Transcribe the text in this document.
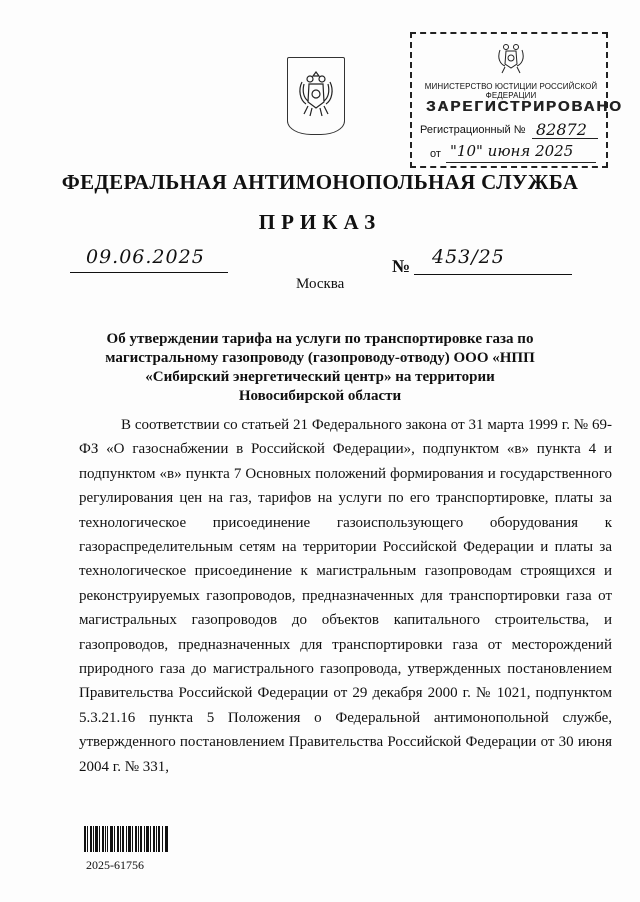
МИНИСТЕРСТВО ЮСТИЦИИ РОССИЙСКОЙ ФЕДЕРАЦИИ
ЗАРЕГИСТРИРОВАНО
Регистрационный № 82872
от "10" июня 2025
ФЕДЕРАЛЬНАЯ АНТИМОНОПОЛЬНАЯ СЛУЖБА
ПРИКАЗ
09.06.2025
Москва
№ 453/25
Об утверждении тарифа на услуги по транспортировке газа по магистральному газопроводу (газопроводу-отводу) ООО «НПП «Сибирский энергетический центр» на территории Новосибирской области
В соответствии со статьей 21 Федерального закона от 31 марта 1999 г. № 69-ФЗ «О газоснабжении в Российской Федерации», подпунктом «в» пункта 4 и подпунктом «в» пункта 7 Основных положений формирования и государственного регулирования цен на газ, тарифов на услуги по его транспортировке, платы за технологическое присоединение газоиспользующего оборудования к газораспределительным сетям на территории Российской Федерации и платы за технологическое присоединение к магистральным газопроводам строящихся и реконструируемых газопроводов, предназначенных для транспортировки газа от магистральных газопроводов до объектов капитального строительства, и газопроводов, предназначенных для транспортировки газа от месторождений природного газа до магистрального газопровода, утвержденных постановлением Правительства Российской Федерации от 29 декабря 2000 г. № 1021, подпунктом 5.3.21.16 пункта 5 Положения о Федеральной антимонопольной службе, утвержденного постановлением Правительства Российской Федерации от 30 июня 2004 г. № 331,
2025-61756
